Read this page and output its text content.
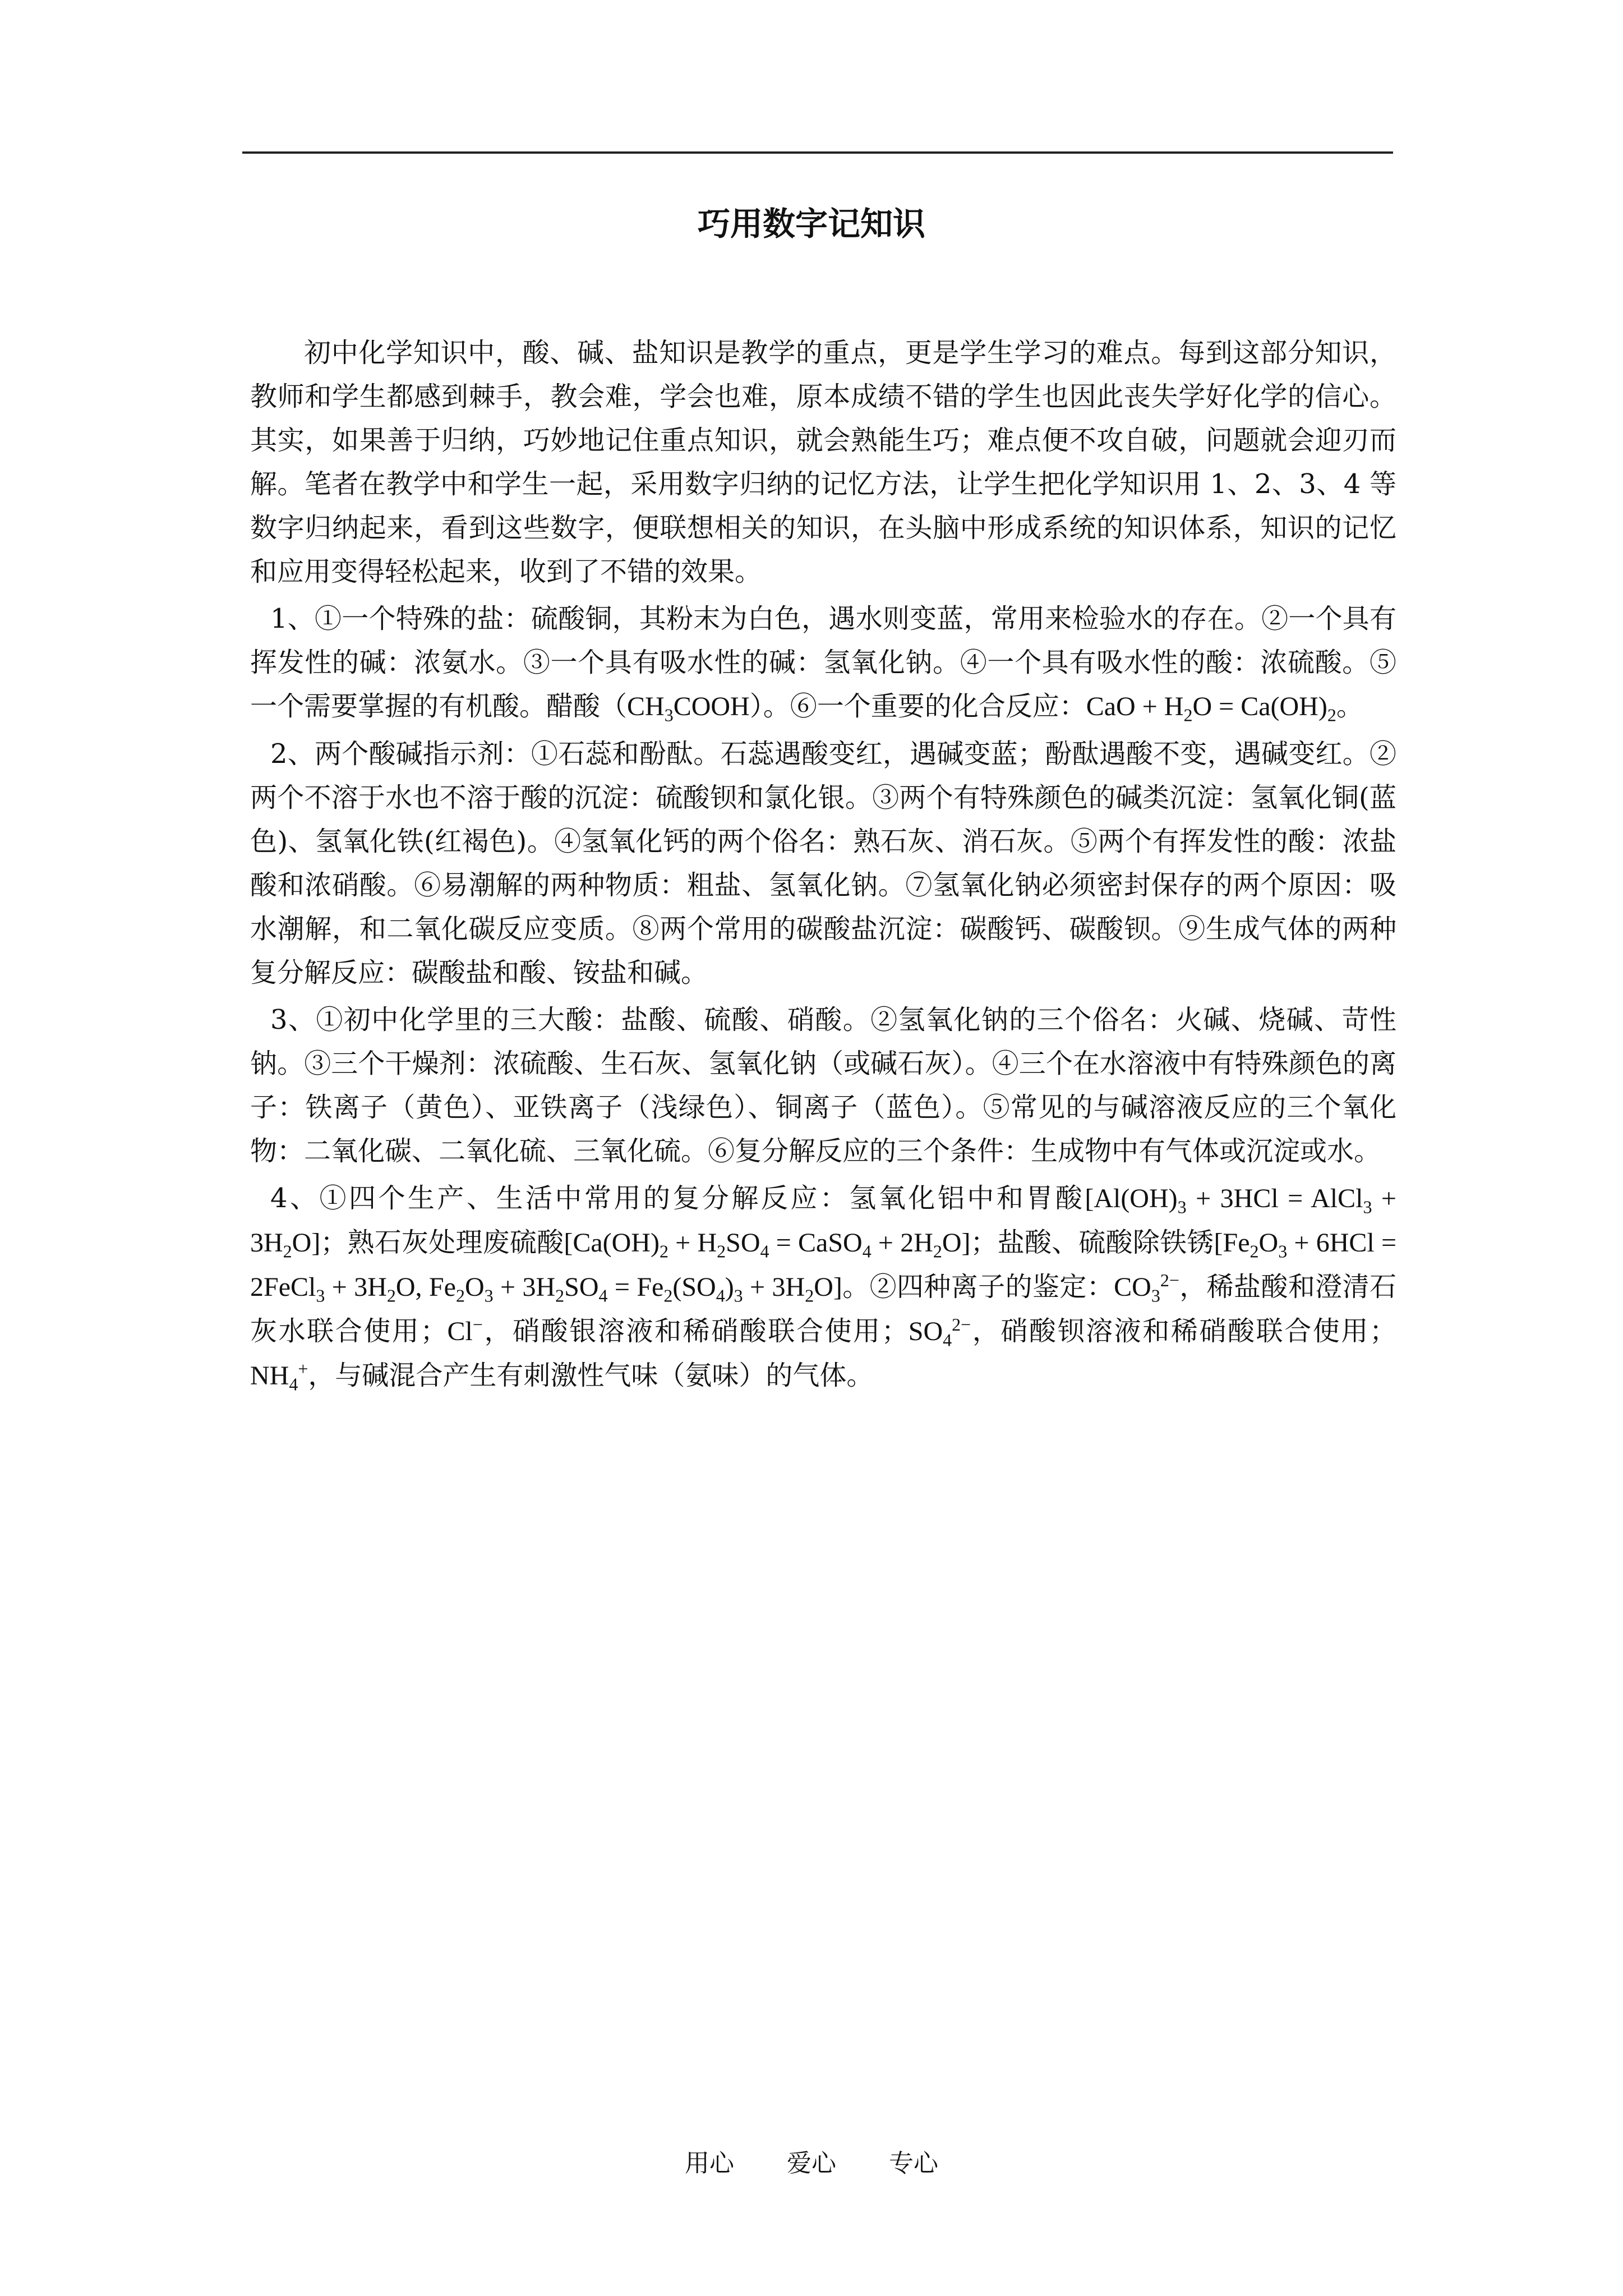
巧用数字记知识

初中化学知识中，酸、碱、盐知识是教学的重点，更是学生学习的难点。每到这部分知识，教师和学生都感到棘手，教会难，学会也难，原本成绩不错的学生也因此丧失学好化学的信心。其实，如果善于归纳，巧妙地记住重点知识，就会熟能生巧；难点便不攻自破，问题就会迎刃而解。笔者在教学中和学生一起，采用数字归纳的记忆方法，让学生把化学知识用 1、2、3、4 等数字归纳起来，看到这些数字，便联想相关的知识，在头脑中形成系统的知识体系，知识的记忆和应用变得轻松起来，收到了不错的效果。

1、①一个特殊的盐：硫酸铜，其粉末为白色，遇水则变蓝，常用来检验水的存在。②一个具有挥发性的碱：浓氨水。③一个具有吸水性的碱：氢氧化钠。④一个具有吸水性的酸：浓硫酸。⑤一个需要掌握的有机酸。醋酸$(CH_3COOH)$。⑥一个重要的化合反应：CaO + $H_2O = Ca(OH)_2$。

2、两个酸碱指示剂：①石蕊和酚酞。石蕊遇酸变红，遇碱变蓝；酚酞遇酸不变，遇碱变红。②两个不溶于水也不溶于酸的沉淀：硫酸钡和氯化银。③两个有特殊颜色的碱类沉淀：氢氧化铜(蓝色)、氢氧化铁(红褐色)。④氢氧化钙的两个俗名：熟石灰、消石灰。⑤两个有挥发性的酸：浓盐酸和浓硝酸。⑥易潮解的两种物质：粗盐、氢氧化钠。⑦氢氧化钠必须密封保存的两个原因：吸水潮解，和二氧化碳反应变质。⑧两个常用的碳酸盐沉淀：碳酸钙、碳酸钡。⑨生成气体的两种复分解反应：碳酸盐和酸、铵盐和碱。

3、①初中化学里的三大酸：盐酸、硫酸、硝酸。②氢氧化钠的三个俗名：火碱、烧碱、苛性钠。③三个干燥剂：浓硫酸、生石灰、氢氧化钠（或碱石灰）。④三个在水溶液中有特殊颜色的离子：铁离子（黄色）、亚铁离子（浅绿色）、铜离子（蓝色）。⑤常见的与碱溶液反应的三个氧化物：二氧化碳、二氧化硫、三氧化硫。⑥复分解反应的三个条件：生成物中有气体或沉淀或水。

4、①四个生产、生活中常用的复分解反应：氢氧化铝中和胃酸[$Al(OH)_3 + 3HCl$ = AlCl$_3$ + $3H_2O$]；熟石灰处理废硫酸[$Ca(OH)_2 + H_2SO_4$ = CaSO$_4$ + $2H_2O$]；盐酸、硫酸除铁锈[$Fe_2O_3 + 6HCl$ = 2FeCl$_3$ + $3H_2O$, $Fe_2O_3 + 3H_2SO_4 = Fe_2(SO_4)_3 + 3H_2O$]。②四种离子的鉴定：$CO_3^{2-}$，稀盐酸和澄清石灰水联合使用；Cl−，硝酸银溶液和稀硝酸联合使用；$SO_4^{2-}$，硝酸钡溶液和稀硝酸联合使用；$NH_4^+$，与碱混合产生有刺激性气味（氨味）的气体。

用心 爱心 专心
